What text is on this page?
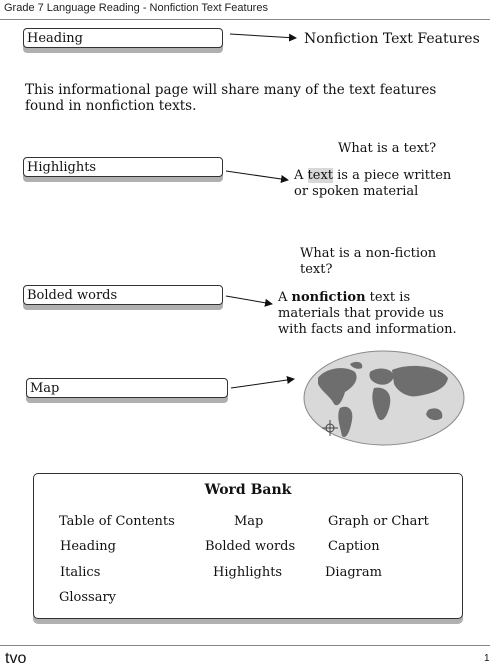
Grade 7 Language Reading - Nonfiction Text Features
Heading	Nonfiction Text Features
This informational page will share many of the text features found in nonfiction texts.
What is a text?
Highlights
A text is a piece written or spoken material
What is a non-fiction text?
Bolded words	A nonfiction text is materials that provide us with facts and information.
Map
Word Bank
Table of Contents	Map	Graph or Chart
Heading	Bolded words	Caption
Italics	Highlights	Diagram
Glossary
tvo	1
